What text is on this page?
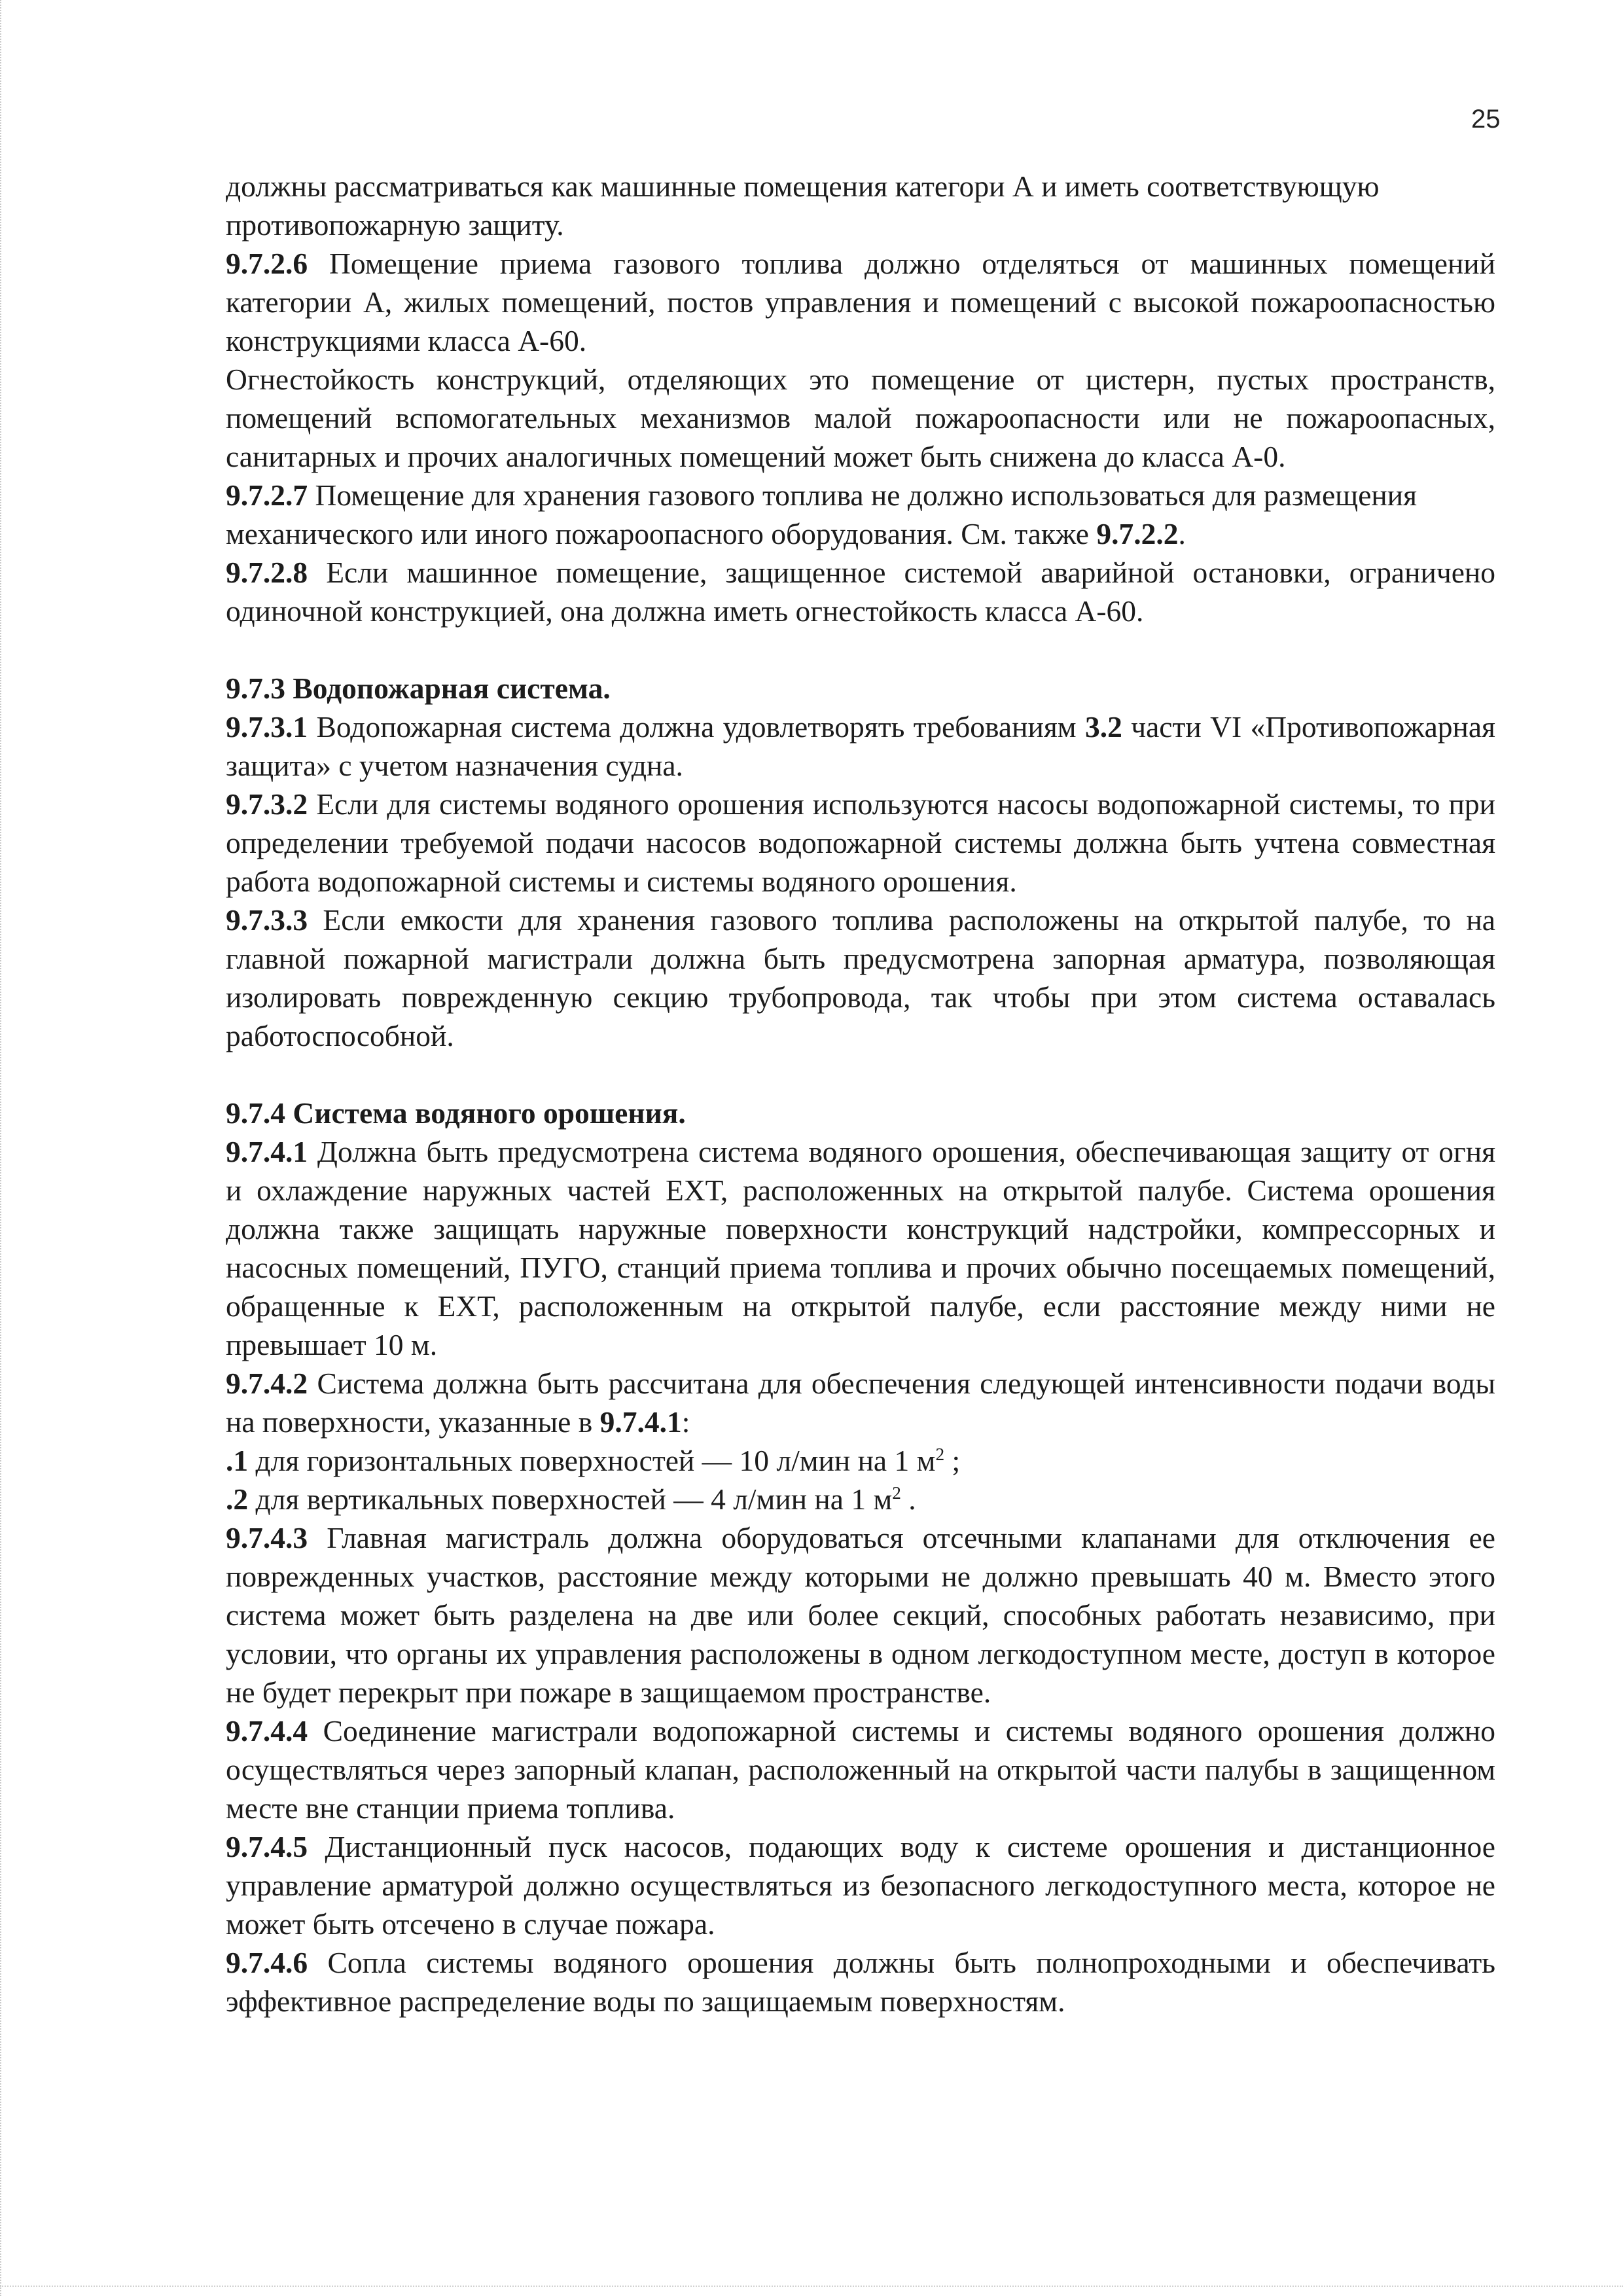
25

должны рассматриваться как машинные помещения категори А и иметь соответствующую
противопожарную защиту.

9.7.2.6 Помещение приема газового топлива должно отделяться от машинных помещений категории А, жилых помещений, постов управления и помещений с высокой пожароопасностью конструкциями класса А-60.

Огнестойкость конструкций, отделяющих это помещение от цистерн, пустых пространств, помещений вспомогательных механизмов малой пожароопасности или не пожароопасных, санитарных и прочих аналогичных помещений может быть снижена до класса А-0.

9.7.2.7 Помещение для хранения газового топлива не должно использоваться для размещения

механического или иного пожароопасного оборудования. См. также 9.7.2.2.

9.7.2.8 Если машинное помещение, защищенное системой аварийной остановки, ограничено одиночной конструкцией, она должна иметь огнестойкость класса А-60.

9.7.3 Водопожарная система.

9.7.3.1 Водопожарная система должна удовлетворять требованиям 3.2 части VI «Противопожарная защита» с учетом назначения судна.

9.7.3.2 Если для системы водяного орошения используются насосы водопожарной системы, то при определении требуемой подачи насосов водопожарной системы должна быть учтена совместная работа водопожарной системы и системы водяного орошения.

9.7.3.3 Если емкости для хранения газового топлива расположены на открытой палубе, то на главной пожарной магистрали должна быть предусмотрена запорная арматура, позволяющая изолировать поврежденную секцию трубопровода, так чтобы при этом система оставалась работоспособной.

9.7.4 Система водяного орошения.

9.7.4.1 Должна быть предусмотрена система водяного орошения, обеспечивающая защиту от огня и охлаждение наружных частей ЕХТ, расположенных на открытой палубе. Система орошения должна также защищать наружные поверхности конструкций надстройки, компрессорных и насосных помещений, ПУГО, станций приема топлива и прочих обычно посещаемых помещений, обращенные к ЕХТ, расположенным на открытой палубе, если расстояние между ними не превышает 10 м.

9.7.4.2 Система должна быть рассчитана для обеспечения следующей интенсивности подачи воды на поверхности, указанные в 9.7.4.1:

.1 для горизонтальных поверхностей — 10 л/мин на 1 $м^2$ ;

.2 для вертикальных поверхностей — 4 л/мин на 1 $м^2$ .

9.7.4.3 Главная магистраль должна оборудоваться отсечными клапанами для отключения ее поврежденных участков, расстояние между которыми не должно превышать 40 м. Вместо этого система может быть разделена на две или более секций, способных работать независимо, при условии, что органы их управления расположены в одном легкодоступном месте, доступ в которое не будет перекрыт при пожаре в защищаемом пространстве.

9.7.4.4 Соединение магистрали водопожарной системы и системы водяного орошения должно осуществляться через запорный клапан, расположенный на открытой части палубы в защищенном месте вне станции приема топлива.

9.7.4.5 Дистанционный пуск насосов, подающих воду к системе орошения и дистанционное управление арматурой должно осуществляться из безопасного легкодоступного места, которое не может быть отсечено в случае пожара.

9.7.4.6 Сопла системы водяного орошения должны быть полнопроходными и обеспечивать эффективное распределение воды по защищаемым поверхностям.
